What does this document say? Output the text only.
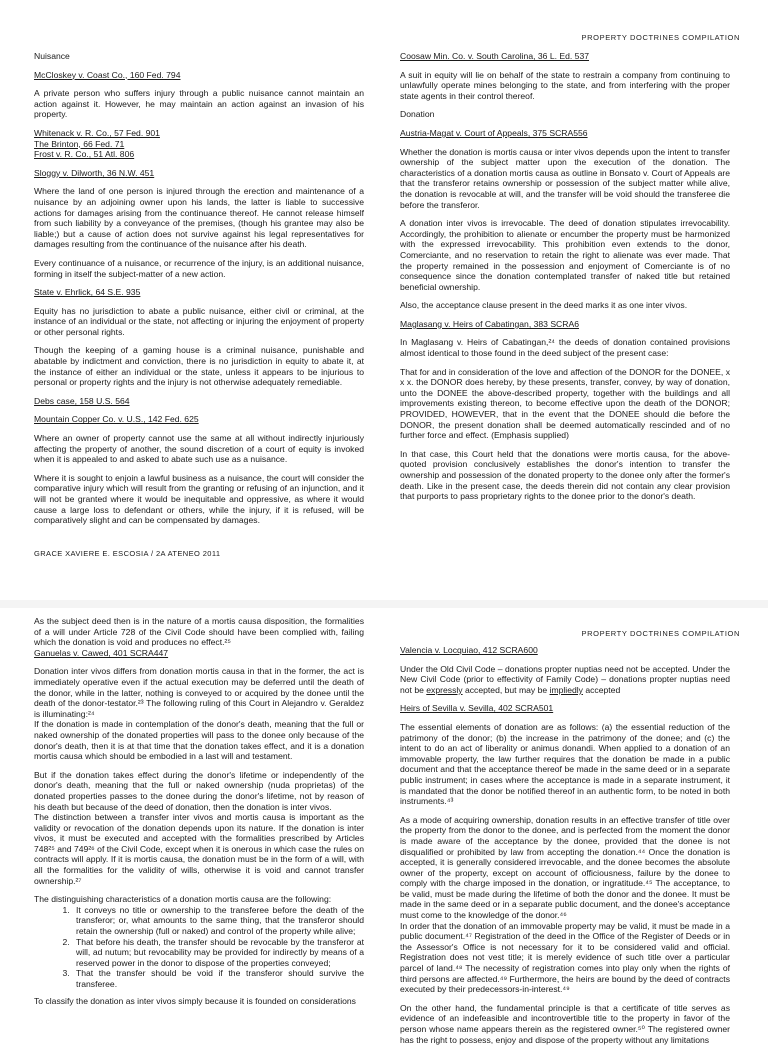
PROPERTY DOCTRINES COMPILATION

Nuisance

McCloskey v. Coast Co., 160 Fed. 794

A private person who suffers injury through a public nuisance cannot maintain an action against it. However, he may maintain an action against an invasion of his property.

Whitenack v. R. Co., 57 Fed. 901

The Brinton, 66 Fed. 71

Frost v. R. Co., 51 Atl. 806

Sloggy v. Dilworth, 36 N.W. 451

Where the land of one person is injured through the erection and maintenance of a nuisance by an adjoining owner upon his lands, the latter is liable to successive actions for damages arising from the continuance thereof. He cannot release himself from such liability by a conveyance of the premises, (though his grantee may also be liable;) but a cause of action does not survive against his legal representatives for damages resulting from the continuance of the nuisance after his death.

Every continuance of a nuisance, or recurrence of the injury, is an additional nuisance, forming in itself the subject-matter of a new action.

State v. Ehrlick, 64 S.E. 935

Equity has no jurisdiction to abate a public nuisance, either civil or criminal, at the instance of an individual or the state, not affecting or injuring the enjoyment of property or other personal rights.

Though the keeping of a gaming house is a criminal nuisance, punishable and abatable by indictment and conviction, there is no jurisdiction in equity to abate it, at the instance of either an individual or the state, unless it appears to be injurious to personal or property rights and the injury is not otherwise adequately remediable.

Debs case, 158 U.S. 564

Mountain Copper Co. v. U.S., 142 Fed. 625

Where an owner of property cannot use the same at all without indirectly injuriously affecting the property of another, the sound discretion of a court of equity is invoked when it is appealed to and asked to abate such use as a nuisance.

Where it is sought to enjoin a lawful business as a nuisance, the court will consider the comparative injury which will result from the granting or refusing of an injunction, and it will not be granted where it would be inequitable and oppressive, as where it would cause a large loss to defendant or others, while the injury, if it is refused, will be comparatively slight and can be compensated by damages.

GRACE XAVIERE E. ESCOSIA / 2A ATENEO 2011

Coosaw Min. Co. v. South Carolina, 36 L. Ed. 537

A suit in equity will lie on behalf of the state to restrain a company from continuing to unlawfully operate mines belonging to the state, and from interfering with the proper state agents in their control thereof.

Donation

Austria-Magat v. Court of Appeals, 375 SCRA556

Whether the donation is mortis causa or inter vivos depends upon the intent to transfer ownership of the subject matter upon the execution of the donation. The characteristics of a donation mortis causa as outline in Bonsato v. Court of Appeals are that the transferor retains ownership or possession of the subject matter while alive, the donation is revocable at will, and the transfer will be void should the transferee die before the transferor.

A donation inter vivos is irrevocable. The deed of donation stipulates irrevocability. Accordingly, the prohibition to alienate or encumber the property must be harmonized with the expressed irrevocability. This prohibition even extends to the donor, Comerciante, and no reservation to retain the right to alienate was ever made. That the property remained in the possession and enjoyment of Comerciante is of no consequence since the donation contemplated transfer of naked title but retained beneficial ownership.

Also, the acceptance clause present in the deed marks it as one inter vivos.

Maglasang v. Heirs of Cabatingan, 383 SCRA6

In Maglasang v. Heirs of Cabatingan,²⁴ the deeds of donation contained provisions almost identical to those found in the deed subject of the present case:

That for and in consideration of the love and affection of the DONOR for the DONEE, x x x. the DONOR does hereby, by these presents, transfer, convey, by way of donation, unto the DONEE the above-described property, together with the buildings and all improvements existing thereon, to become effective upon the death of the DONOR; PROVIDED, HOWEVER, that in the event that the DONEE should die before the DONOR, the present donation shall be deemed automatically rescinded and of no further force and effect. (Emphasis supplied)

In that case, this Court held that the donations were mortis causa, for the above-quoted provision conclusively establishes the donor's intention to transfer the ownership and possession of the donated property to the donee only after the former's death. Like in the present case, the deeds therein did not contain any clear provision that purports to pass proprietary rights to the donee prior to the donor's death.

PROPERTY DOCTRINES COMPILATION

As the subject deed then is in the nature of a mortis causa disposition, the formalities of a will under Article 728 of the Civil Code should have been complied with, failing which the donation is void and produces no effect.²⁵

Ganuelas v. Cawed, 401 SCRA447

Donation inter vivos differs from donation mortis causa in that in the former, the act is immediately operative even if the actual execution may be deferred until the death of the donor, while in the latter, nothing is conveyed to or acquired by the donee until the death of the donor-testator.²³ The following ruling of this Court in Alejandro v. Geraldez is illuminating:²⁴

If the donation is made in contemplation of the donor's death, meaning that the full or naked ownership of the donated properties will pass to the donee only because of the donor's death, then it is at that time that the donation takes effect, and it is a donation mortis causa which should be embodied in a last will and testament.

But if the donation takes effect during the donor's lifetime or independently of the donor's death, meaning that the full or naked ownership (nuda proprietas) of the donated properties passes to the donee during the donor's lifetime, not by reason of his death but because of the deed of donation, then the donation is inter vivos.

The distinction between a transfer inter vivos and mortis causa is important as the validity or revocation of the donation depends upon its nature. If the donation is inter vivos, it must be executed and accepted with the formalities prescribed by Articles 748²⁵ and 749²⁶ of the Civil Code, except when it is onerous in which case the rules on contracts will apply. If it is mortis causa, the donation must be in the form of a will, with all the formalities for the validity of wills, otherwise it is void and cannot transfer ownership.²⁷

The distinguishing characteristics of a donation mortis causa are the following:

1. It conveys no title or ownership to the transferee before the death of the transferor; or, what amounts to the same thing, that the transferor should retain the ownership (full or naked) and control of the property while alive;
2. That before his death, the transfer should be revocable by the transferor at will, ad nutum; but revocability may be provided for indirectly by means of a reserved power in the donor to dispose of the properties conveyed;
3. That the transfer should be void if the transferor should survive the transferee.

To classify the donation as inter vivos simply because it is founded on considerations

Valencia v. Locquiao, 412 SCRA600

Under the Old Civil Code – donations propter nuptias need not be accepted. Under the New Civil Code (prior to effectivity of Family Code) – donations propter nuptias need not be expressly accepted, but may be impliedly accepted

Heirs of Sevilla v. Sevilla, 402 SCRA501

The essential elements of donation are as follows: (a) the essential reduction of the patrimony of the donor; (b) the increase in the patrimony of the donee; and (c) the intent to do an act of liberality or animus donandi. When applied to a donation of an immovable property, the law further requires that the donation be made in a public document and that the acceptance thereof be made in the same deed or in a separate public instrument; in cases where the acceptance is made in a separate instrument, it is mandated that the donor be notified thereof in an authentic form, to be noted in both instruments.⁴³

As a mode of acquiring ownership, donation results in an effective transfer of title over the property from the donor to the donee, and is perfected from the moment the donor is made aware of the acceptance by the donee, provided that the donee is not disqualified or prohibited by law from accepting the donation.⁴⁴ Once the donation is accepted, it is generally considered irrevocable, and the donee becomes the absolute owner of the property, except on account of officiousness, failure by the donee to comply with the charge imposed in the donation, or ingratitude.⁴⁵ The acceptance, to be valid, must be made during the lifetime of both the donor and the donee. It must be made in the same deed or in a separate public document, and the donee's acceptance must come to the knowledge of the donor.⁴⁶

In order that the donation of an immovable property may be valid, it must be made in a public document.⁴⁷ Registration of the deed in the Office of the Register of Deeds or in the Assessor's Office is not necessary for it to be considered valid and official. Registration does not vest title; it is merely evidence of such title over a particular parcel of land.⁴⁸ The necessity of registration comes into play only when the rights of third persons are affected.⁴⁹ Furthermore, the heirs are bound by the deed of contracts executed by their predecessors-in-interest.⁴⁹

On the other hand, the fundamental principle is that a certificate of title serves as evidence of an indefeasible and incontrovertible title to the property in favor of the person whose name appears therein as the registered owner.⁵⁰ The registered owner has the right to possess, enjoy and dispose of the property without any limitations
